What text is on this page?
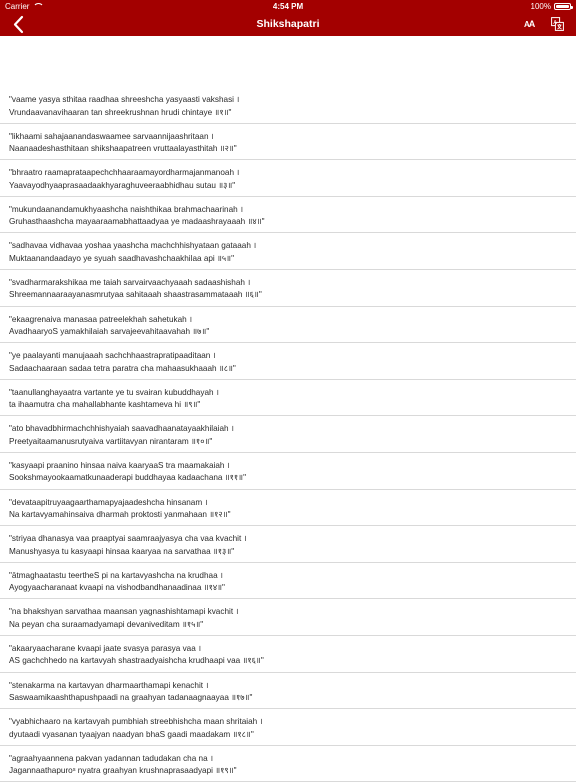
Carrier	4:54 PM	100%
Shikshapatri	AA	A
"vaame yasya sthitaa raadhaa shreeshcha yasyaasti vakshasi ।
Vrundaavanavihaaran tan shreekrushnan hrudi chintaye ॥१॥"
"likhaami sahajaanandaswaamee sarvaannijaashritaan ।
Naanaadeshasthitaan shikshaapatreen vruttaalayasthitah ॥२॥"
"bhraatro raamaprataapechchhaaraamayordharmajanmanoah ।
Yaavayodhyaaprasaadaakhyaraghuveeraabhidhau sutau ॥३॥"
"mukundaanandamukhyaashcha naishthikaa brahmachaarinah ।
Gruhasthaashcha mayaaraamabhattaadyaa ye madaashrayaaah ॥४॥"
"sadhavaa vidhavaa yoshaa yaashcha machchhishyataan gataaah ।
Muktaanandaadayo ye syuah saadhavashchaakhilaa api ॥५॥"
"svadharmarakshikaa me taiah sarvairvaachyaaah sadaashishah ।
Shreemannaaraayanasmrutyaa sahitaaah shaastrasammataaah ॥६॥"
"ekaagrenaiva manasaa patreelekhah sahetukah ।
AvadhaaryoS yamakhilaiah sarvajeevahitaavahah ॥७॥"
"ye paalayanti manujaaah sachchhaastrapratipaaditaan ।
Sadaachaaraan sadaa tetra paratra cha mahaasukhaaah ॥८॥"
"taanullanghayaatra vartante ye tu svairan kubuddhayah ।
ta ihaamutra cha mahallabhante kashtameva hi ॥९॥"
"ato bhavadbhirmachchhishyaiah saavadhaanatayaakhilaiah ।
Preetyaitaamanusrutyaiva vartiitavyan nirantaram ॥१०॥"
"kasyaapi praanino hinsaa naiva kaaryaaS tra maamakaiah ।
Sookshmayookaamatkunaaderapi buddhayaa kadaachana ॥११॥"
"devataapitruyaagaarthamapyajaadeshcha hinsanam ।
Na kartavyamahinsaiva dharmah proktosti yanmahaan ॥१२॥"
"striyaa dhanasya vaa praaptyai saamraajyasya cha vaa kvachit ।
Manushyasya tu kasyaapi hinsaa kaaryaa na sarvathaa ॥१३॥"
"ātmaghaatastu teertheS pi na kartavyashcha na krudhaa ।
Ayogyaacharanaat kvaapi na vishodbandhanaadinaa ॥१४॥"
"na bhakshyan sarvathaa maansan yagnashishtamapi kvachit ।
Na peyan cha suraamadyamapi devaniveditam ॥१५॥"
"akaaryaacharane kvaapi jaate svasya parasya vaa ।
AS gachchhedo na kartavyah shastraadyaishcha krudhaapi vaa ॥१६॥"
"stenakarma na kartavyan dharmaarthamapi kenachit ।
Saswaamikaashthapushpaadi na graahyan tadanaagnaayaa ॥१७॥"
"vyabhichaaro na kartavyah pumbhiah streebhishcha maan shritaiah ।
dyutaadi vyasanan tyaajyan naadyan bhaS gaadi maadakam ॥१८॥"
"agraahyaannena pakvan yadannan tadudakan cha na ।
Jagannaathapuroˢ nyatra graahyan krushnaprasaadyapi ॥१९॥"
